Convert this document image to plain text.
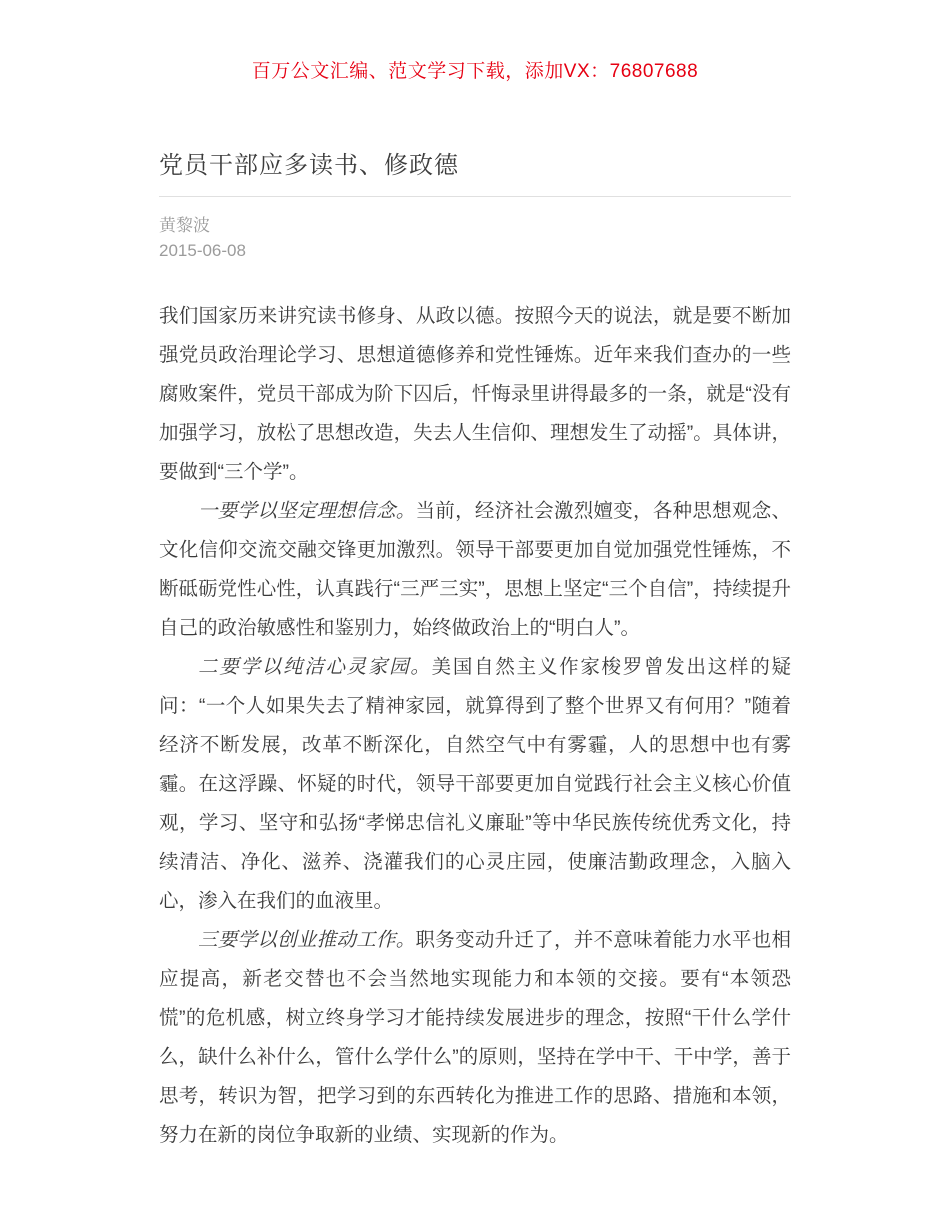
百万公文汇编、范文学习下载，添加VX：76807688
党员干部应多读书、修政德
黄黎波
2015-06-08

我们国家历来讲究读书修身、从政以德。按照今天的说法，就是要不断加强党员政治理论学习、思想道德修养和党性锤炼。近年来我们查办的一些腐败案件，党员干部成为阶下囚后，忏悔录里讲得最多的一条，就是“没有加强学习，放松了思想改造，失去人生信仰、理想发生了动摇”。具体讲，要做到“三个学”。

一要学以坚定理想信念。当前，经济社会激烈嬗变，各种思想观念、文化信仰交流交融交锋更加激烈。领导干部要更加自觉加强党性锤炼，不断砥砺党性心性，认真践行“三严三实”，思想上坚定“三个自信”，持续提升自己的政治敏感性和鉴别力，始终做政治上的“明白人”。

二要学以纯洁心灵家园。美国自然主义作家梭罗曾发出这样的疑问：“一个人如果失去了精神家园，就算得到了整个世界又有何用？”随着经济不断发展，改革不断深化，自然空气中有雾霾，人的思想中也有雾霾。在这浮躁、怀疑的时代，领导干部要更加自觉践行社会主义核心价值观，学习、坚守和弘扬“孝悌忠信礼义廉耻”等中华民族传统优秀文化，持续清洁、净化、滋养、浇灌我们的心灵庄园，使廉洁勤政理念，入脑入心，渗入在我们的血液里。

三要学以创业推动工作。职务变动升迁了，并不意味着能力水平也相应提高，新老交替也不会当然地实现能力和本领的交接。要有“本领恐慌”的危机感，树立终身学习才能持续发展进步的理念，按照“干什么学什么，缺什么补什么，管什么学什么”的原则，坚持在学中干、干中学，善于思考，转识为智，把学习到的东西转化为推进工作的思路、措施和本领，努力在新的岗位争取新的业绩、实现新的作为。
